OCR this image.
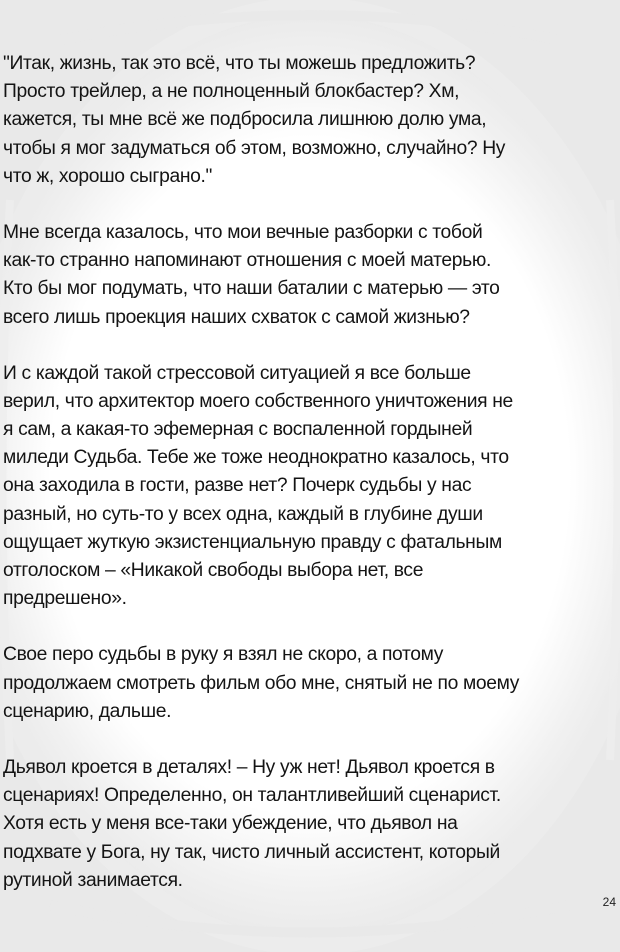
"Итак, жизнь, так это всё, что ты можешь предложить?
Просто трейлер, а не полноценный блокбастер? Хм,
кажется, ты мне всё же подбросила лишнюю долю ума,
чтобы я мог задуматься об этом, возможно, случайно? Ну
что ж, хорошо сыграно."

Мне всегда казалось, что мои вечные разборки с тобой
как-то странно напоминают отношения с моей матерью.
Кто бы мог подумать, что наши баталии с матерью — это
всего лишь проекция наших схваток с самой жизнью?

И с каждой такой стрессовой ситуацией я все больше
верил, что архитектор моего собственного уничтожения не
я сам, а какая-то эфемерная с воспаленной гордыней
миледи Судьба. Тебе же тоже неоднократно казалось, что
она заходила в гости, разве нет? Почерк судьбы у нас
разный, но суть-то у всех одна, каждый в глубине души
ощущает жуткую экзистенциальную правду с фатальным
отголоском – «Никакой свободы выбора нет, все
предрешено».

Свое перо судьбы в руку я взял не скоро, а потому
продолжаем смотреть фильм обо мне, снятый не по моему
сценарию, дальше.

Дьявол кроется в деталях! – Ну уж нет! Дьявол кроется в
сценариях! Определенно, он талантливейший сценарист.
Хотя есть у меня все-таки убеждение, что дьявол на
подхвате у Бога, ну так, чисто личный ассистент, который
рутиной занимается.

24
